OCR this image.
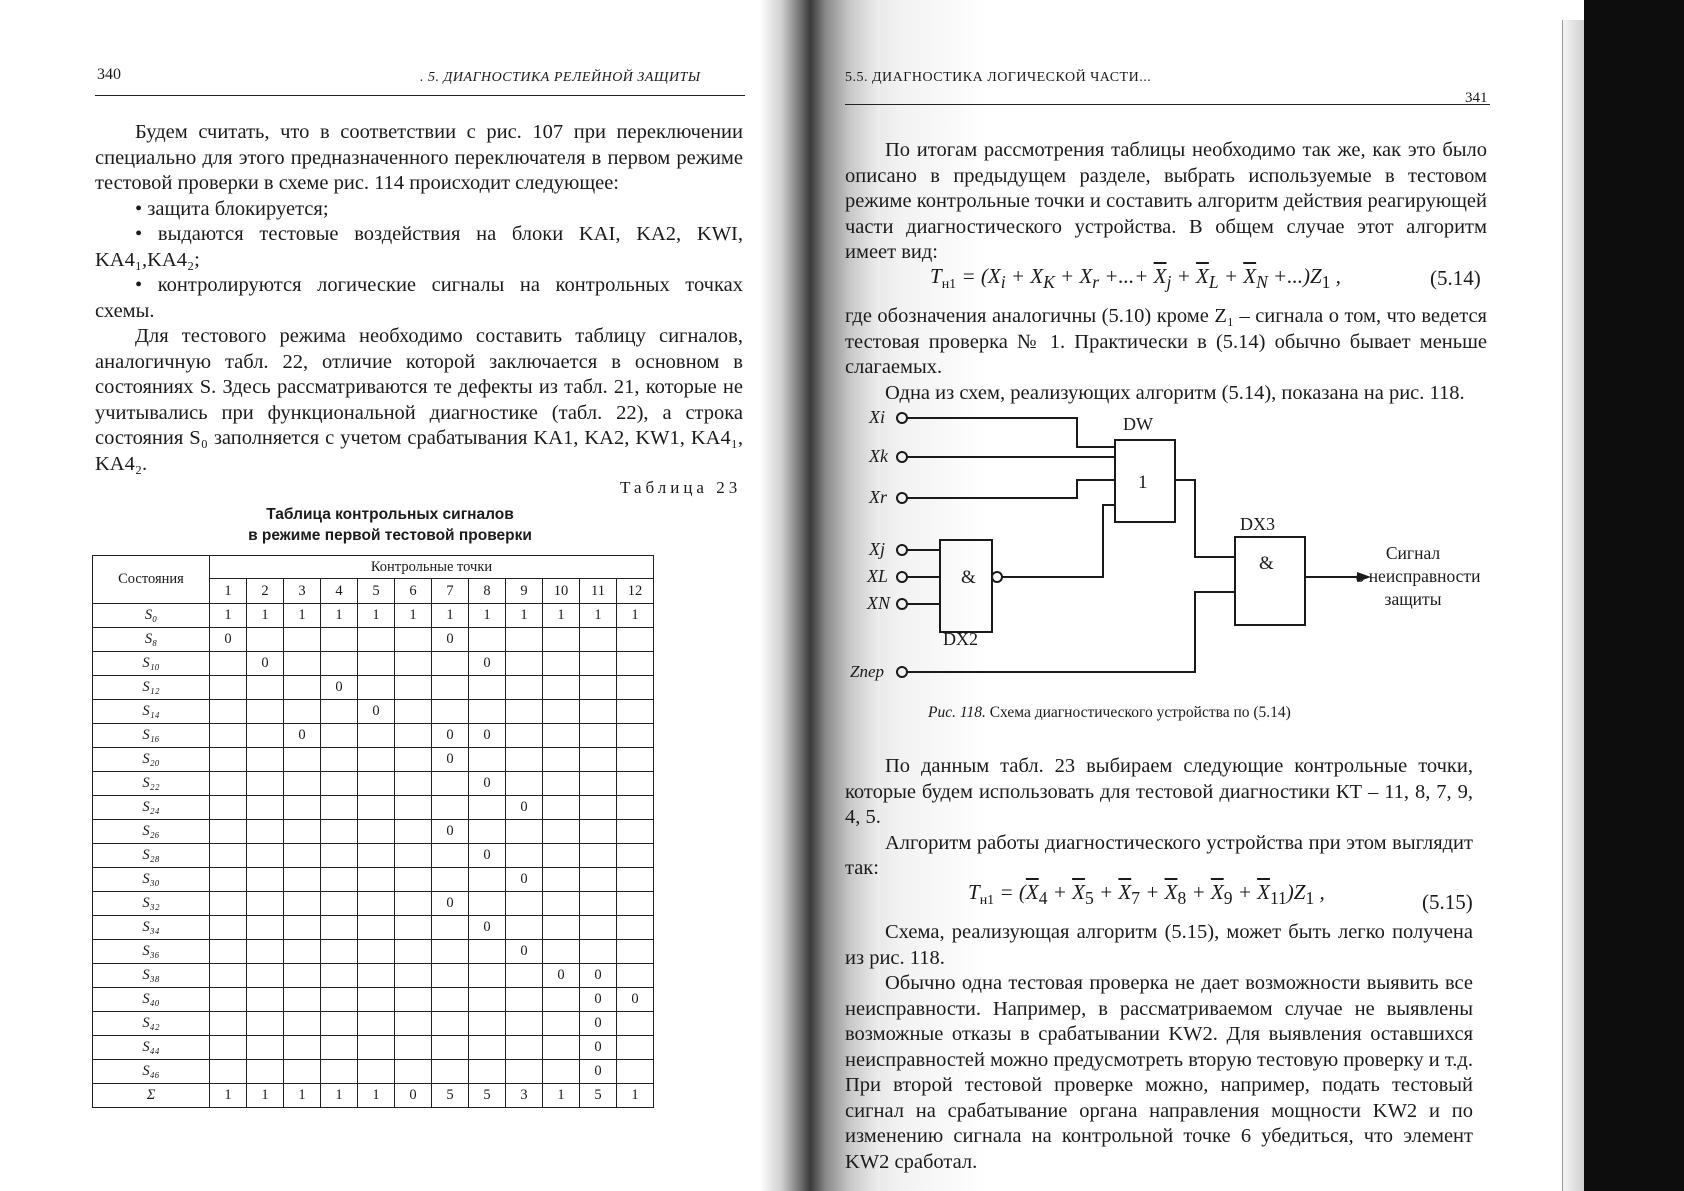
340	. 5. ДИАГНОСТИКА РЕЛЕЙНОЙ ЗАЩИТЫ

Будем считать, что в соответствии с рис. 107 при переключении специально для этого предназначенного переключателя в первом режиме тестовой проверки в схеме рис. 114 происходит следующее:

• защита блокируется;

• выдаются тестовые воздействия на блоки KAI, KA2, KWI, KA4₁,KA4₂;

• контролируются логические сигналы на контрольных точках схемы.

Для тестового режима необходимо составить таблицу сигналов, аналогичную табл. 22, отличие которой заключается в основном в состояниях S. Здесь рассматриваются те дефекты из табл. 21, которые не учитывались при функциональной диагностике (табл. 22), а строка состояния S₀ заполняется с учетом срабатывания KA1, KA2, KW1, KA4₁, KA4₂.

Таблица 23
Таблица контрольных сигналов
в режиме первой тестовой проверки
Состояния	Контрольные точки											
	1	2	3	4	5	6	7	8	9	10	11	12
S₀	1	1	1	1	1	1	1	1	1	1	1	1
S₈	0						0					
S₁₀		0						0				
S₁₂				0								
S₁₄					0							
S₁₆			0				0	0				
S₂₀							0					
S₂₂								0				
S₂₄									0			
S₂₆							0					
S₂₈								0				
S₃₀									0			
S₃₂							0					
S₃₄								0				
S₃₆									0			
S₃₈										0	0	
S₄₀											0	0
S₄₂											0	
S₄₄											0	
S₄₆											0	
Σ	1	1	1	1	1	0	5	5	3	1	5	1
5.5. ДИАГНОСТИКА ЛОГИЧЕСКОЙ ЧАСТИ...
341

По итогам рассмотрения таблицы необходимо так же, как это было описано в предыдущем разделе, выбрать используемые в тестовом режиме контрольные точки и составить алгоритм действия реагирующей части диагностического устройства. В общем случае этот алгоритм имеет вид:

$T_{н1} = (X_i + X_K + X_r$ +...+ $\overline{X}_j + \overline{X}_L + \overline{X}_N +...)Z_1$ ,	(5.14)

где обозначения аналогичны (5.10) кроме Z₁ – сигнала о том, что ведется тестовая проверка № 1. Практически в (5.14) обычно бывает меньше слагаемых.

Одна из схем, реализующих алгоритм (5.14), показана на рис. 118.

Xi
Xk
Xr
Xj
XL
XN
Zпер
DW
1
DX2
&
DX3
&	Сигнал
о неисправности
защиты
Рис. 118. Схема диагностического устройства по (5.14)

По данным табл. 23 выбираем следующие контрольные точки, которые будем использовать для тестовой диагностики КТ – 11, 8, 7, 9, 4, 5.

Алгоритм работы диагностического устройства при этом выглядит так:

$T_{н1} = (\overline{X}_4 + \overline{X}_5 + \overline{X}_7 + \overline{X}_8 + \overline{X}_9 + \overline{X}_{11})Z_1$ ,	(5.15)

Схема, реализующая алгоритм (5.15), может быть легко получена из рис. 118.

Обычно одна тестовая проверка не дает возможности выявить все неисправности. Например, в рассматриваемом случае не выявлены возможные отказы в срабатывании KW2. Для выявления оставшихся неисправностей можно предусмотреть вторую тестовую проверку и т.д. При второй тестовой проверке можно, например, подать тестовый сигнал на срабатывание органа направления мощности KW2 и по изменению сигнала на контрольной точке 6 убедиться, что элемент KW2 сработал.
